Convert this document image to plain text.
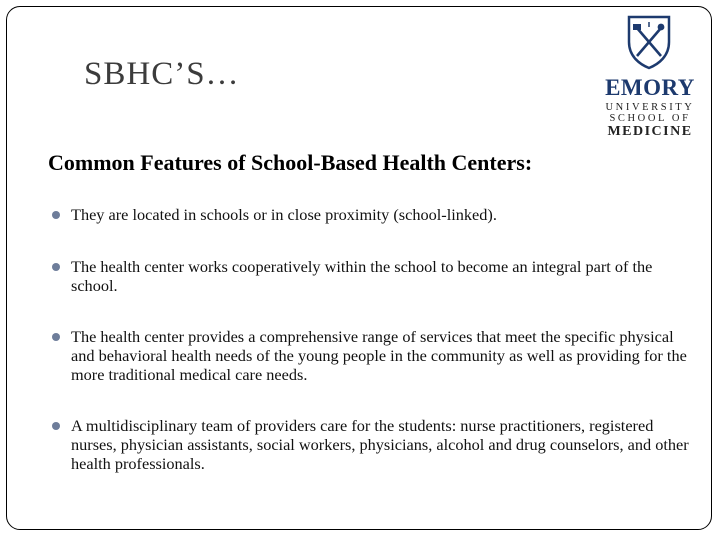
SBHC’S…	EMORY
UNIVERSITY
SCHOOL OF
MEDICINE
Common Features of School-Based Health Centers:
They are located in schools or in close proximity (school-linked).
The health center works cooperatively within the school to become an integral part of the school.
The health center provides a comprehensive range of services that meet the specific physical and behavioral health needs of the young people in the community as well as providing for the more traditional medical care needs.
A multidisciplinary team of providers care for the students: nurse practitioners, registered nurses, physician assistants, social workers, physicians, alcohol and drug counselors, and other health professionals.
